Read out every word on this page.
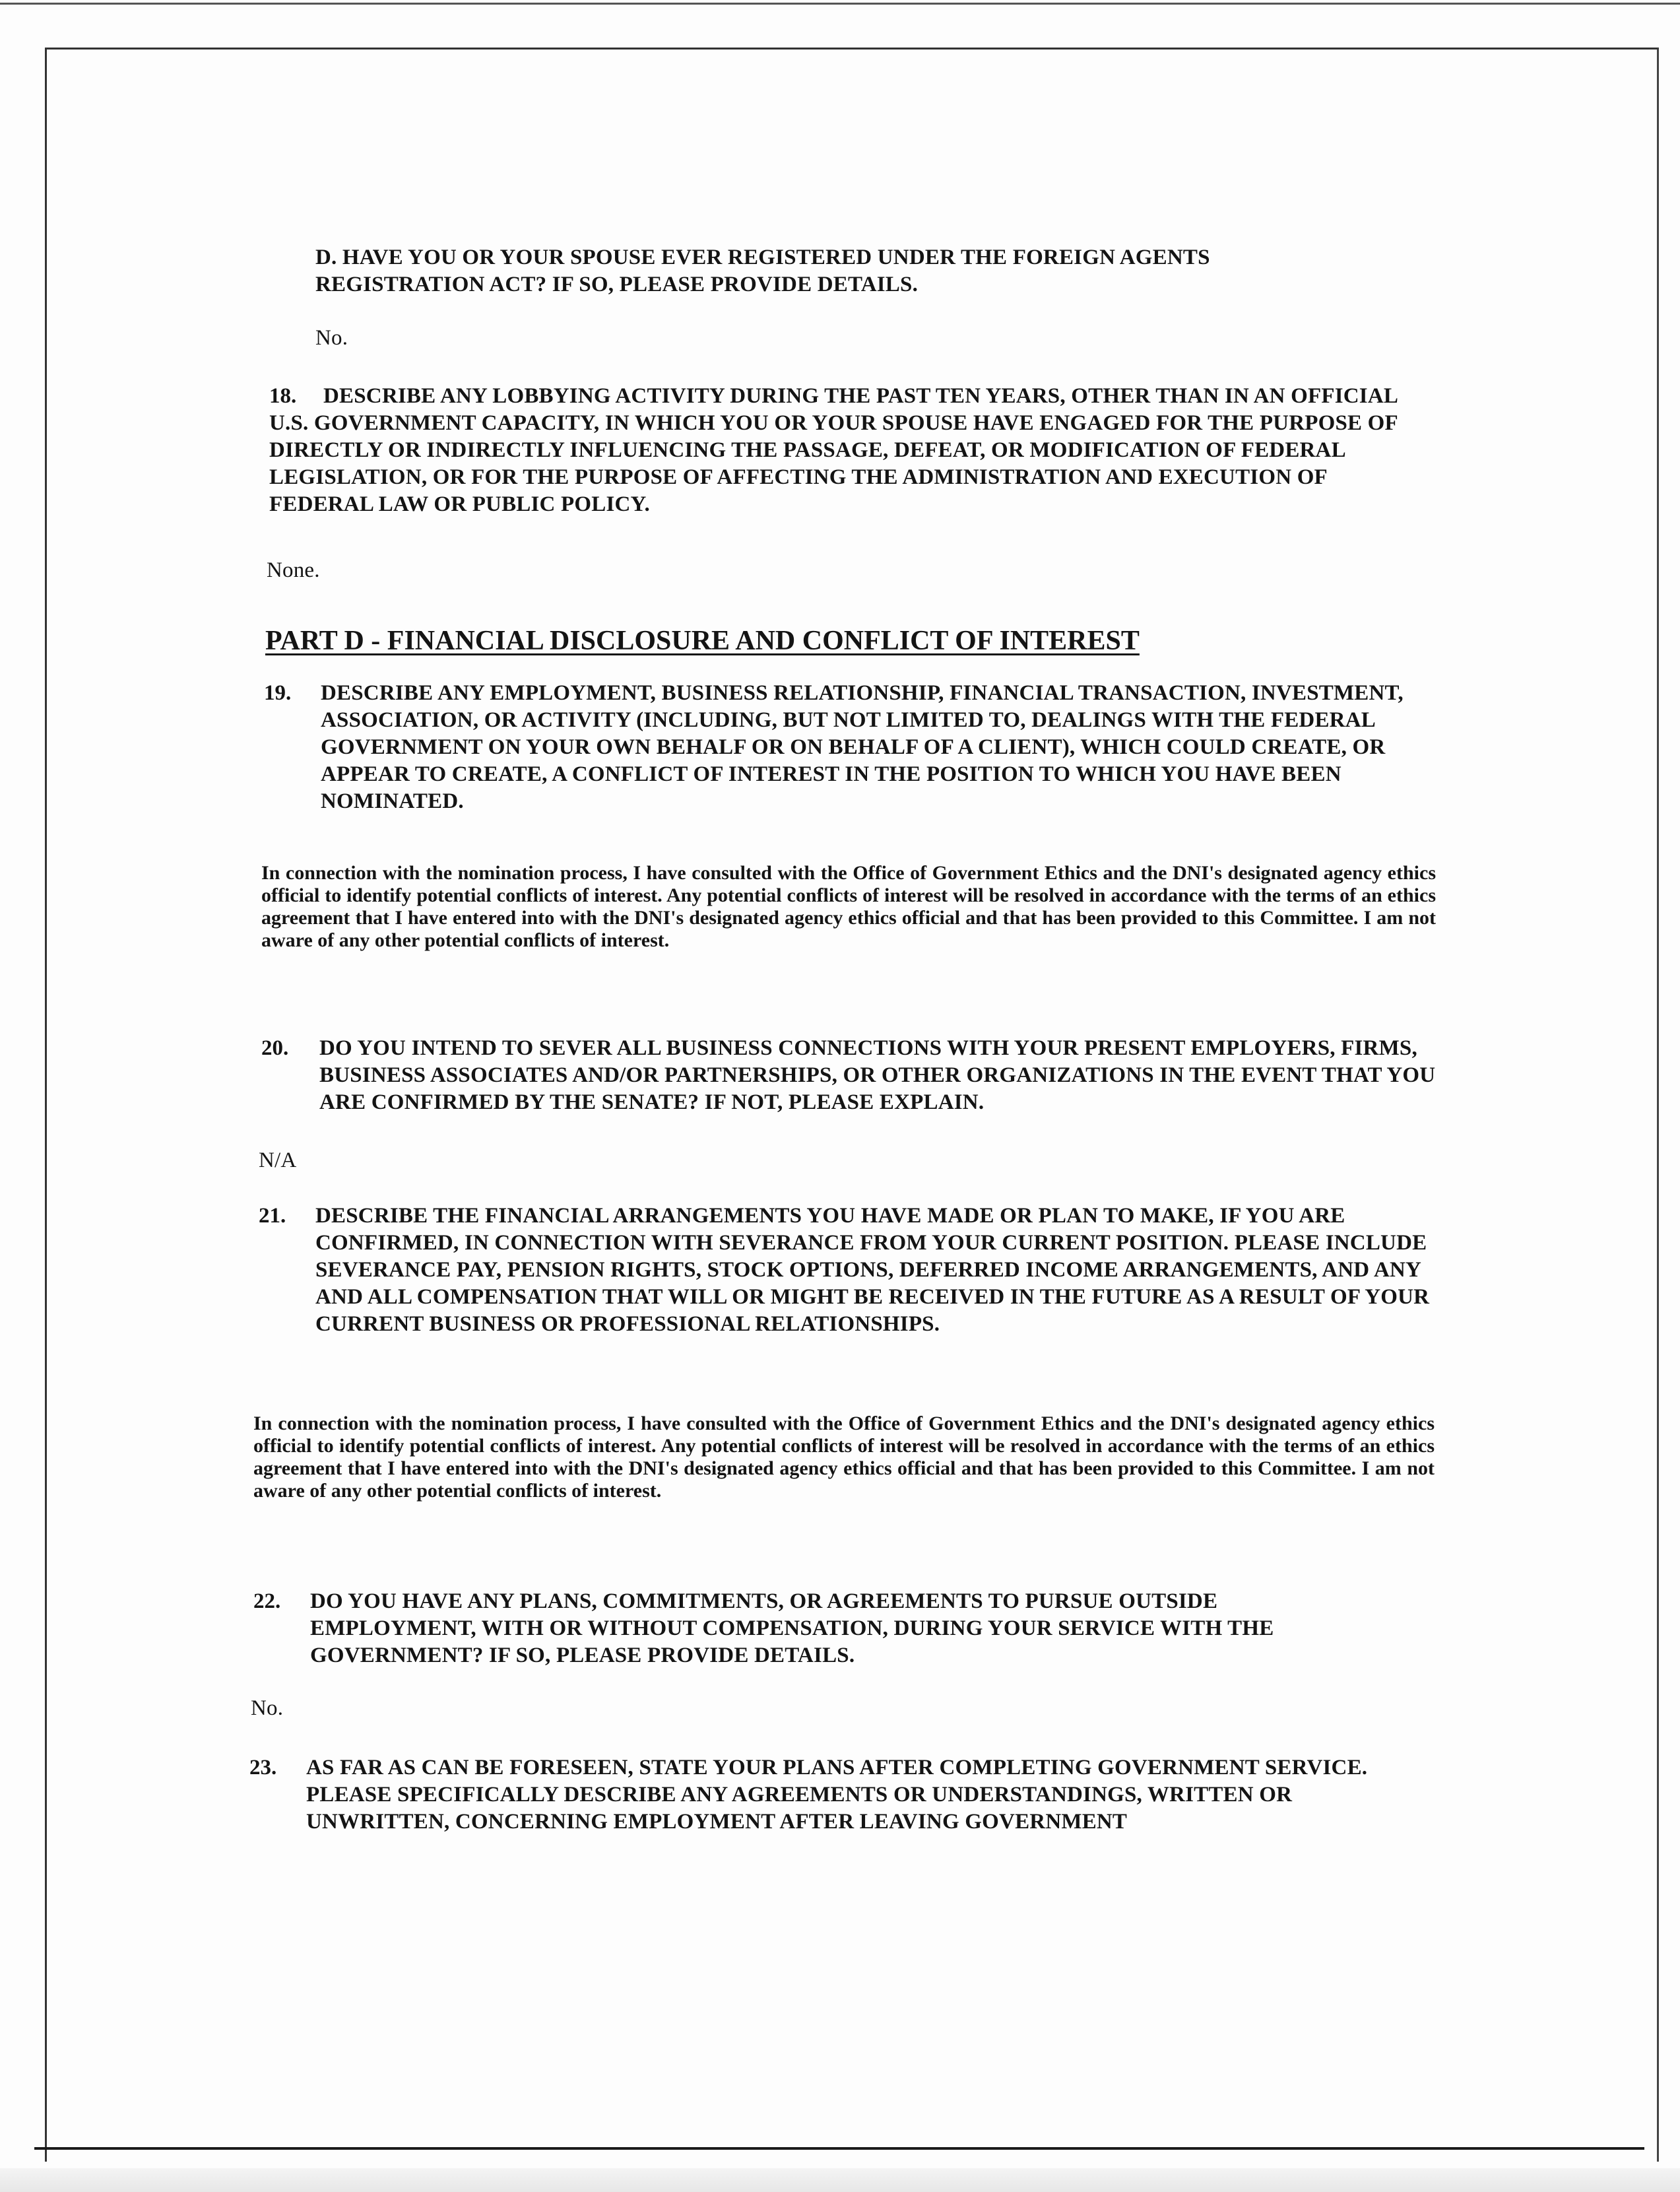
D. HAVE YOU OR YOUR SPOUSE EVER REGISTERED UNDER THE FOREIGN AGENTS REGISTRATION ACT? IF SO, PLEASE PROVIDE DETAILS.
No.
18.	DESCRIBE ANY LOBBYING ACTIVITY DURING THE PAST TEN YEARS, OTHER THAN IN AN OFFICIAL U.S. GOVERNMENT CAPACITY, IN WHICH YOU OR YOUR SPOUSE HAVE ENGAGED FOR THE PURPOSE OF DIRECTLY OR INDIRECTLY INFLUENCING THE PASSAGE, DEFEAT, OR MODIFICATION OF FEDERAL LEGISLATION, OR FOR THE PURPOSE OF AFFECTING THE ADMINISTRATION AND EXECUTION OF FEDERAL LAW OR PUBLIC POLICY.
None.
PART D - FINANCIAL DISCLOSURE AND CONFLICT OF INTEREST
19. DESCRIBE ANY EMPLOYMENT, BUSINESS RELATIONSHIP, FINANCIAL TRANSACTION, INVESTMENT, ASSOCIATION, OR ACTIVITY (INCLUDING, BUT NOT LIMITED TO, DEALINGS WITH THE FEDERAL GOVERNMENT ON YOUR OWN BEHALF OR ON BEHALF OF A CLIENT), WHICH COULD CREATE, OR APPEAR TO CREATE, A CONFLICT OF INTEREST IN THE POSITION TO WHICH YOU HAVE BEEN NOMINATED.
In connection with the nomination process, I have consulted with the Office of Government Ethics and the DNI's designated agency ethics official to identify potential conflicts of interest. Any potential conflicts of interest will be resolved in accordance with the terms of an ethics agreement that I have entered into with the DNI's designated agency ethics official and that has been provided to this Committee. I am not aware of any other potential conflicts of interest.
20. DO YOU INTEND TO SEVER ALL BUSINESS CONNECTIONS WITH YOUR PRESENT EMPLOYERS, FIRMS, BUSINESS ASSOCIATES AND/OR PARTNERSHIPS, OR OTHER ORGANIZATIONS IN THE EVENT THAT YOU ARE CONFIRMED BY THE SENATE? IF NOT, PLEASE EXPLAIN.
N/A
21. DESCRIBE THE FINANCIAL ARRANGEMENTS YOU HAVE MADE OR PLAN TO MAKE, IF YOU ARE CONFIRMED, IN CONNECTION WITH SEVERANCE FROM YOUR CURRENT POSITION. PLEASE INCLUDE SEVERANCE PAY, PENSION RIGHTS, STOCK OPTIONS, DEFERRED INCOME ARRANGEMENTS, AND ANY AND ALL COMPENSATION THAT WILL OR MIGHT BE RECEIVED IN THE FUTURE AS A RESULT OF YOUR CURRENT BUSINESS OR PROFESSIONAL RELATIONSHIPS.
In connection with the nomination process, I have consulted with the Office of Government Ethics and the DNI's designated agency ethics official to identify potential conflicts of interest. Any potential conflicts of interest will be resolved in accordance with the terms of an ethics agreement that I have entered into with the DNI's designated agency ethics official and that has been provided to this Committee. I am not aware of any other potential conflicts of interest.
22. DO YOU HAVE ANY PLANS, COMMITMENTS, OR AGREEMENTS TO PURSUE OUTSIDE EMPLOYMENT, WITH OR WITHOUT COMPENSATION, DURING YOUR SERVICE WITH THE GOVERNMENT? IF SO, PLEASE PROVIDE DETAILS.
No.
23. AS FAR AS CAN BE FORESEEN, STATE YOUR PLANS AFTER COMPLETING GOVERNMENT SERVICE. PLEASE SPECIFICALLY DESCRIBE ANY AGREEMENTS OR UNDERSTANDINGS, WRITTEN OR UNWRITTEN, CONCERNING EMPLOYMENT AFTER LEAVING GOVERNMENT
